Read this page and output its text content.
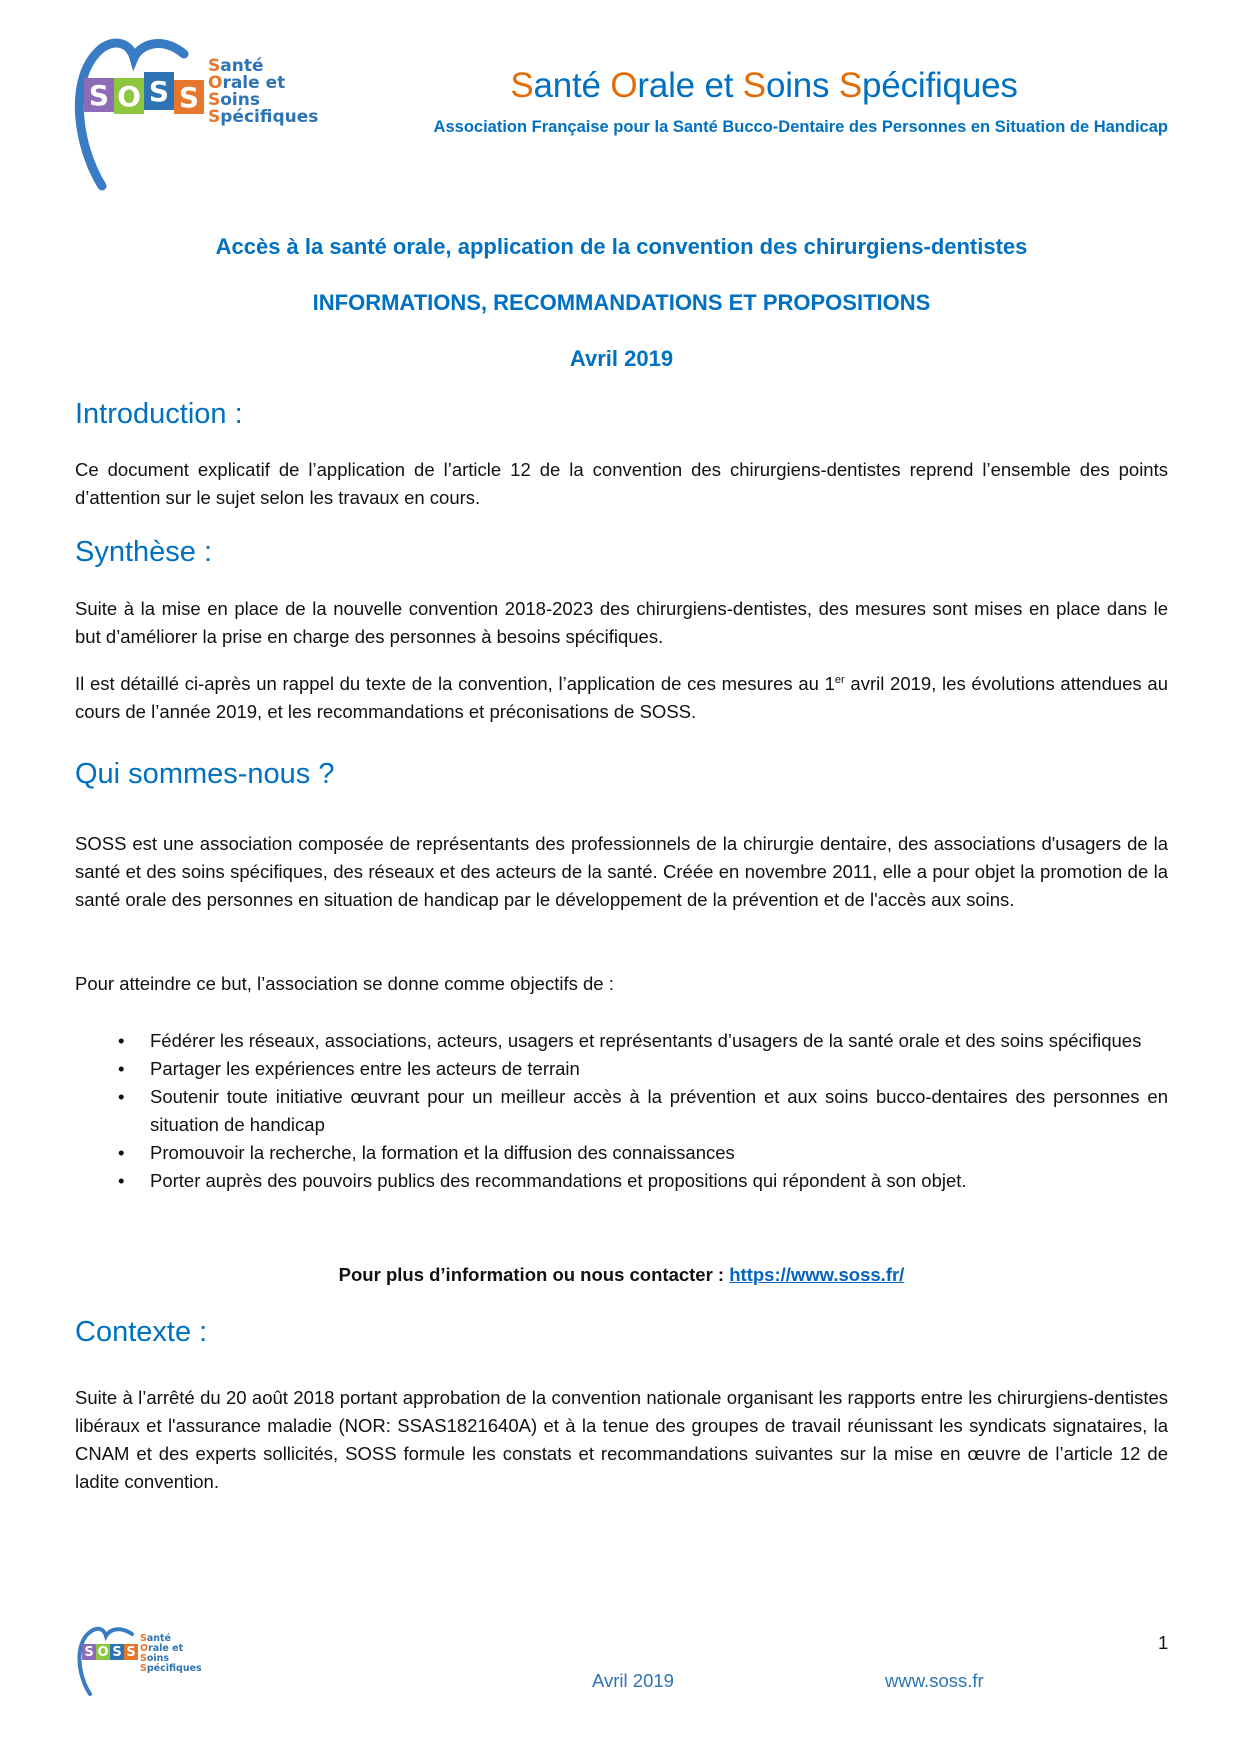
S O S S
Santé
Orale et
Soins
Spécifiques
Santé Orale et Soins Spécifiques
Association Française pour la Santé Bucco-Dentaire des Personnes en Situation de Handicap
Accès à la santé orale, application de la convention des chirurgiens-dentistes
INFORMATIONS, RECOMMANDATIONS ET PROPOSITIONS
Avril 2019
Introduction :

Ce document explicatif de l’application de l’article 12 de la convention des chirurgiens-dentistes reprend l’ensemble des points d’attention sur le sujet selon les travaux en cours.

Synthèse :

Suite à la mise en place de la nouvelle convention 2018-2023 des chirurgiens-dentistes, des mesures sont mises en place dans le but d’améliorer la prise en charge des personnes à besoins spécifiques.

Il est détaillé ci-après un rappel du texte de la convention, l’application de ces mesures au 1er avril 2019, les évolutions attendues au cours de l’année 2019, et les recommandations et préconisations de SOSS.

Qui sommes-nous ?

SOSS est une association composée de représentants des professionnels de la chirurgie dentaire, des associations d'usagers de la santé et des soins spécifiques, des réseaux et des acteurs de la santé. Créée en novembre 2011, elle a pour objet la promotion de la santé orale des personnes en situation de handicap par le développement de la prévention et de l'accès aux soins.

Pour atteindre ce but, l’association se donne comme objectifs de :

• Fédérer les réseaux, associations, acteurs, usagers et représentants d’usagers de la santé orale et des soins spécifiques
• Partager les expériences entre les acteurs de terrain
• Soutenir toute initiative œuvrant pour un meilleur accès à la prévention et aux soins bucco-dentaires des personnes en situation de handicap
• Promouvoir la recherche, la formation et la diffusion des connaissances
• Porter auprès des pouvoirs publics des recommandations et propositions qui répondent à son objet.
Pour plus d’information ou nous contacter : https://www.soss.fr/
Contexte :

Suite à l’arrêté du 20 août 2018 portant approbation de la convention nationale organisant les rapports entre les chirurgiens-dentistes libéraux et l'assurance maladie (NOR: SSAS1821640A) et à la tenue des groupes de travail réunissant les syndicats signataires, la CNAM et des experts sollicités, SOSS formule les constats et recommandations suivantes sur la mise en œuvre de l’article 12 de ladite convention.

S O S S
Santé
Orale et
Soins
Spécifiques
1
Avril 2019	www.soss.fr
